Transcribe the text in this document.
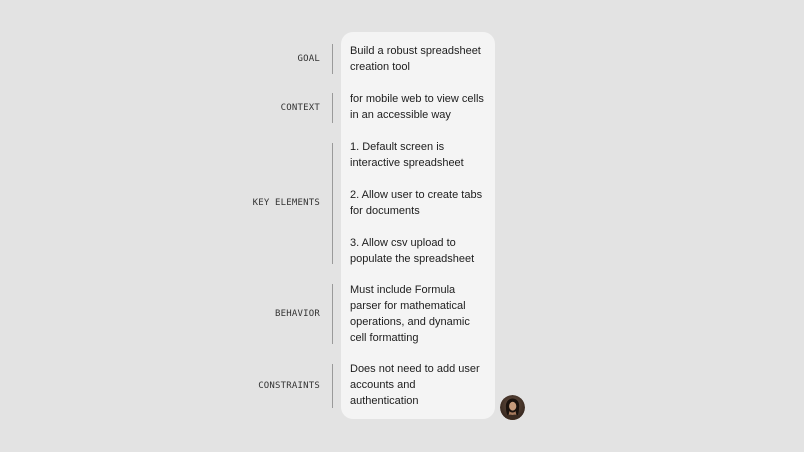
GOAL

Build a robust spreadsheet creation tool

CONTEXT

for mobile web to view cells in an accessible way

KEY ELEMENTS

1. Default screen is interactive spreadsheet

2. Allow user to create tabs for documents

3. Allow csv upload to populate the spreadsheet

BEHAVIOR

Must include Formula parser for mathematical operations, and dynamic cell formatting

CONSTRAINTS

Does not need to add user accounts and authentication
